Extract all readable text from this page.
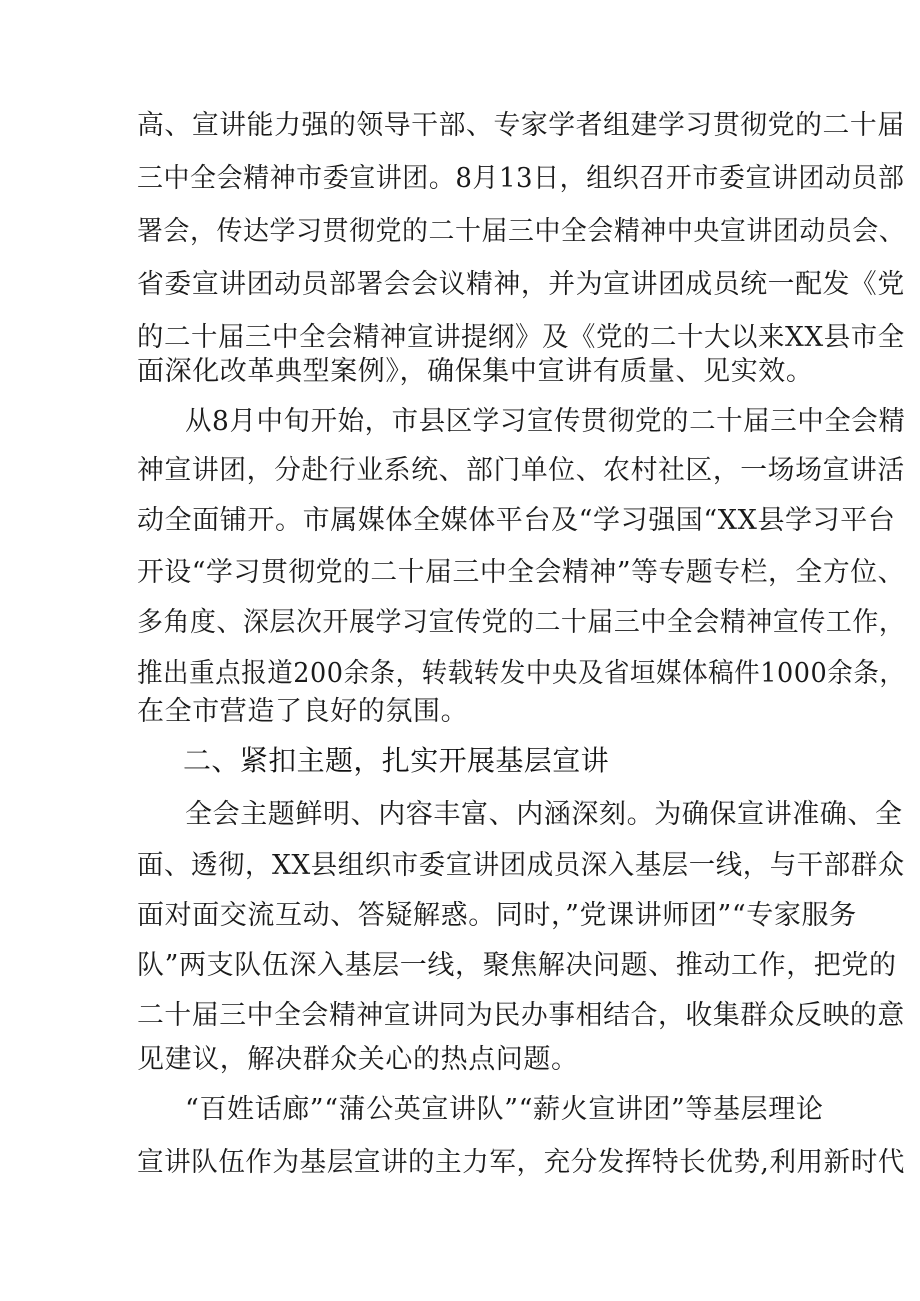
高、宣讲能力强的领导干部、专家学者组建学习贯彻党的二十届
三中全会精神市委宣讲团。8月13日，组织召开市委宣讲团动员部
署会，传达学习贯彻党的二十届三中全会精神中央宣讲团动员会、
省委宣讲团动员部署会会议精神，并为宣讲团成员统一配发《党
的二十届三中全会精神宣讲提纲》及《党的二十大以来XX县市全
面深化改革典型案例》，确保集中宣讲有质量、见实效。
从8月中旬开始，市县区学习宣传贯彻党的二十届三中全会精
神宣讲团，分赴行业系统、部门单位、农村社区，一场场宣讲活
动全面铺开。市属媒体全媒体平台及“学习强国“XX县学习平台
开设“学习贯彻党的二十届三中全会精神”等专题专栏，全方位、
多角度、深层次开展学习宣传党的二十届三中全会精神宣传工作，
推出重点报道200余条，转载转发中央及省垣媒体稿件1000余条，
在全市营造了良好的氛围。
二、紧扣主题，扎实开展基层宣讲
全会主题鲜明、内容丰富、内涵深刻。为确保宣讲准确、全
面、透彻，XX县组织市委宣讲团成员深入基层一线，与干部群众
面对面交流互动、答疑解惑。同时，”党课讲师团”“专家服务
队”两支队伍深入基层一线，聚焦解决问题、推动工作，把党的
二十届三中全会精神宣讲同为民办事相结合，收集群众反映的意
见建议，解决群众关心的热点问题。
“百姓话廊”“蒲公英宣讲队”“薪火宣讲团”等基层理论
宣讲队伍作为基层宣讲的主力军，充分发挥特长优势,利用新时代
